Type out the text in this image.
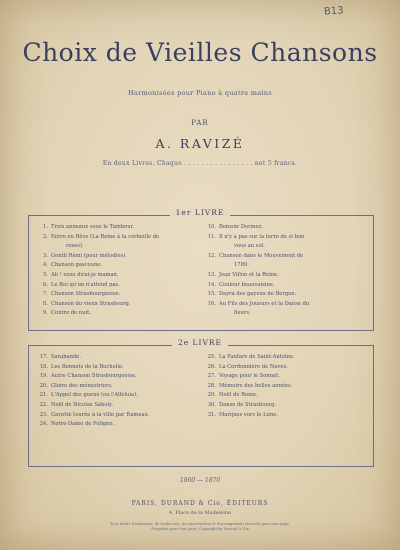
B13
Choix de Vieilles Chansons
Harmonisées pour Piano à quatre mains
PAR
A. RAVIZÉ
En deux Livres. Chaque . . . . . . . . . . . . . . . . net 5 francs.
1er LIVRE
1. Trois anneaux sous le Tambour.
2. Entre en Rêve (La Reine à la corbeille de
roses).
3. Gentil Rémi (pour mélodies).
4. Chanson gascoune.
5. Ah ! vous dirai-je maman.
6. Le Roi qu'on n'attend pas.
7. Chanson Strasbourgeoise.
8. Chanson du vieux Strasbourg.
9. Contre de nuit.
10. Bonsoir Dormez.
11. Il n'y a pas sur la terre de si bon
vous au sol.
12. Chanson dans le Mouvement de
1789.
13. Jean Villon et la Reine.
14. Couleur beauvaisine.
15. Dayra des gayeux de Bergue.
16. Au Fils des Joueurs et la Danse du
fleurs.
2e LIVRE
17. Sarabande.
18. Les Bonnets de la Rochelle.
19. Autre Chanson Strasbourgeoise.
20. Gloire des ménestriers.
21. L'Appel des gueux (ou l'Alléluia).
22. Noël de Nicolas Saboly.
23. Gavotte tourée à la ville par Rameau.
24. Notre-Dame de Foligno.
25. La Fanfare de Saint-Antoine.
26. La Cordonnière de Naves.
27. Voyage pour le Sonnet.
28. Mémoire des belles années.
29. Noël de Rome.
30. Danse de Strasbourg.
31. Marques vers le Lune.
1860 — 1870
PARIS, DURAND & Cie, ÉDITEURS
4, Place de la Madeleine
Tous droits d'exécution, de traduction, de reproduction et d'arrangement réservés pour tous pays.
Propriété pour tous pays. Copyright by Durand & Cie
